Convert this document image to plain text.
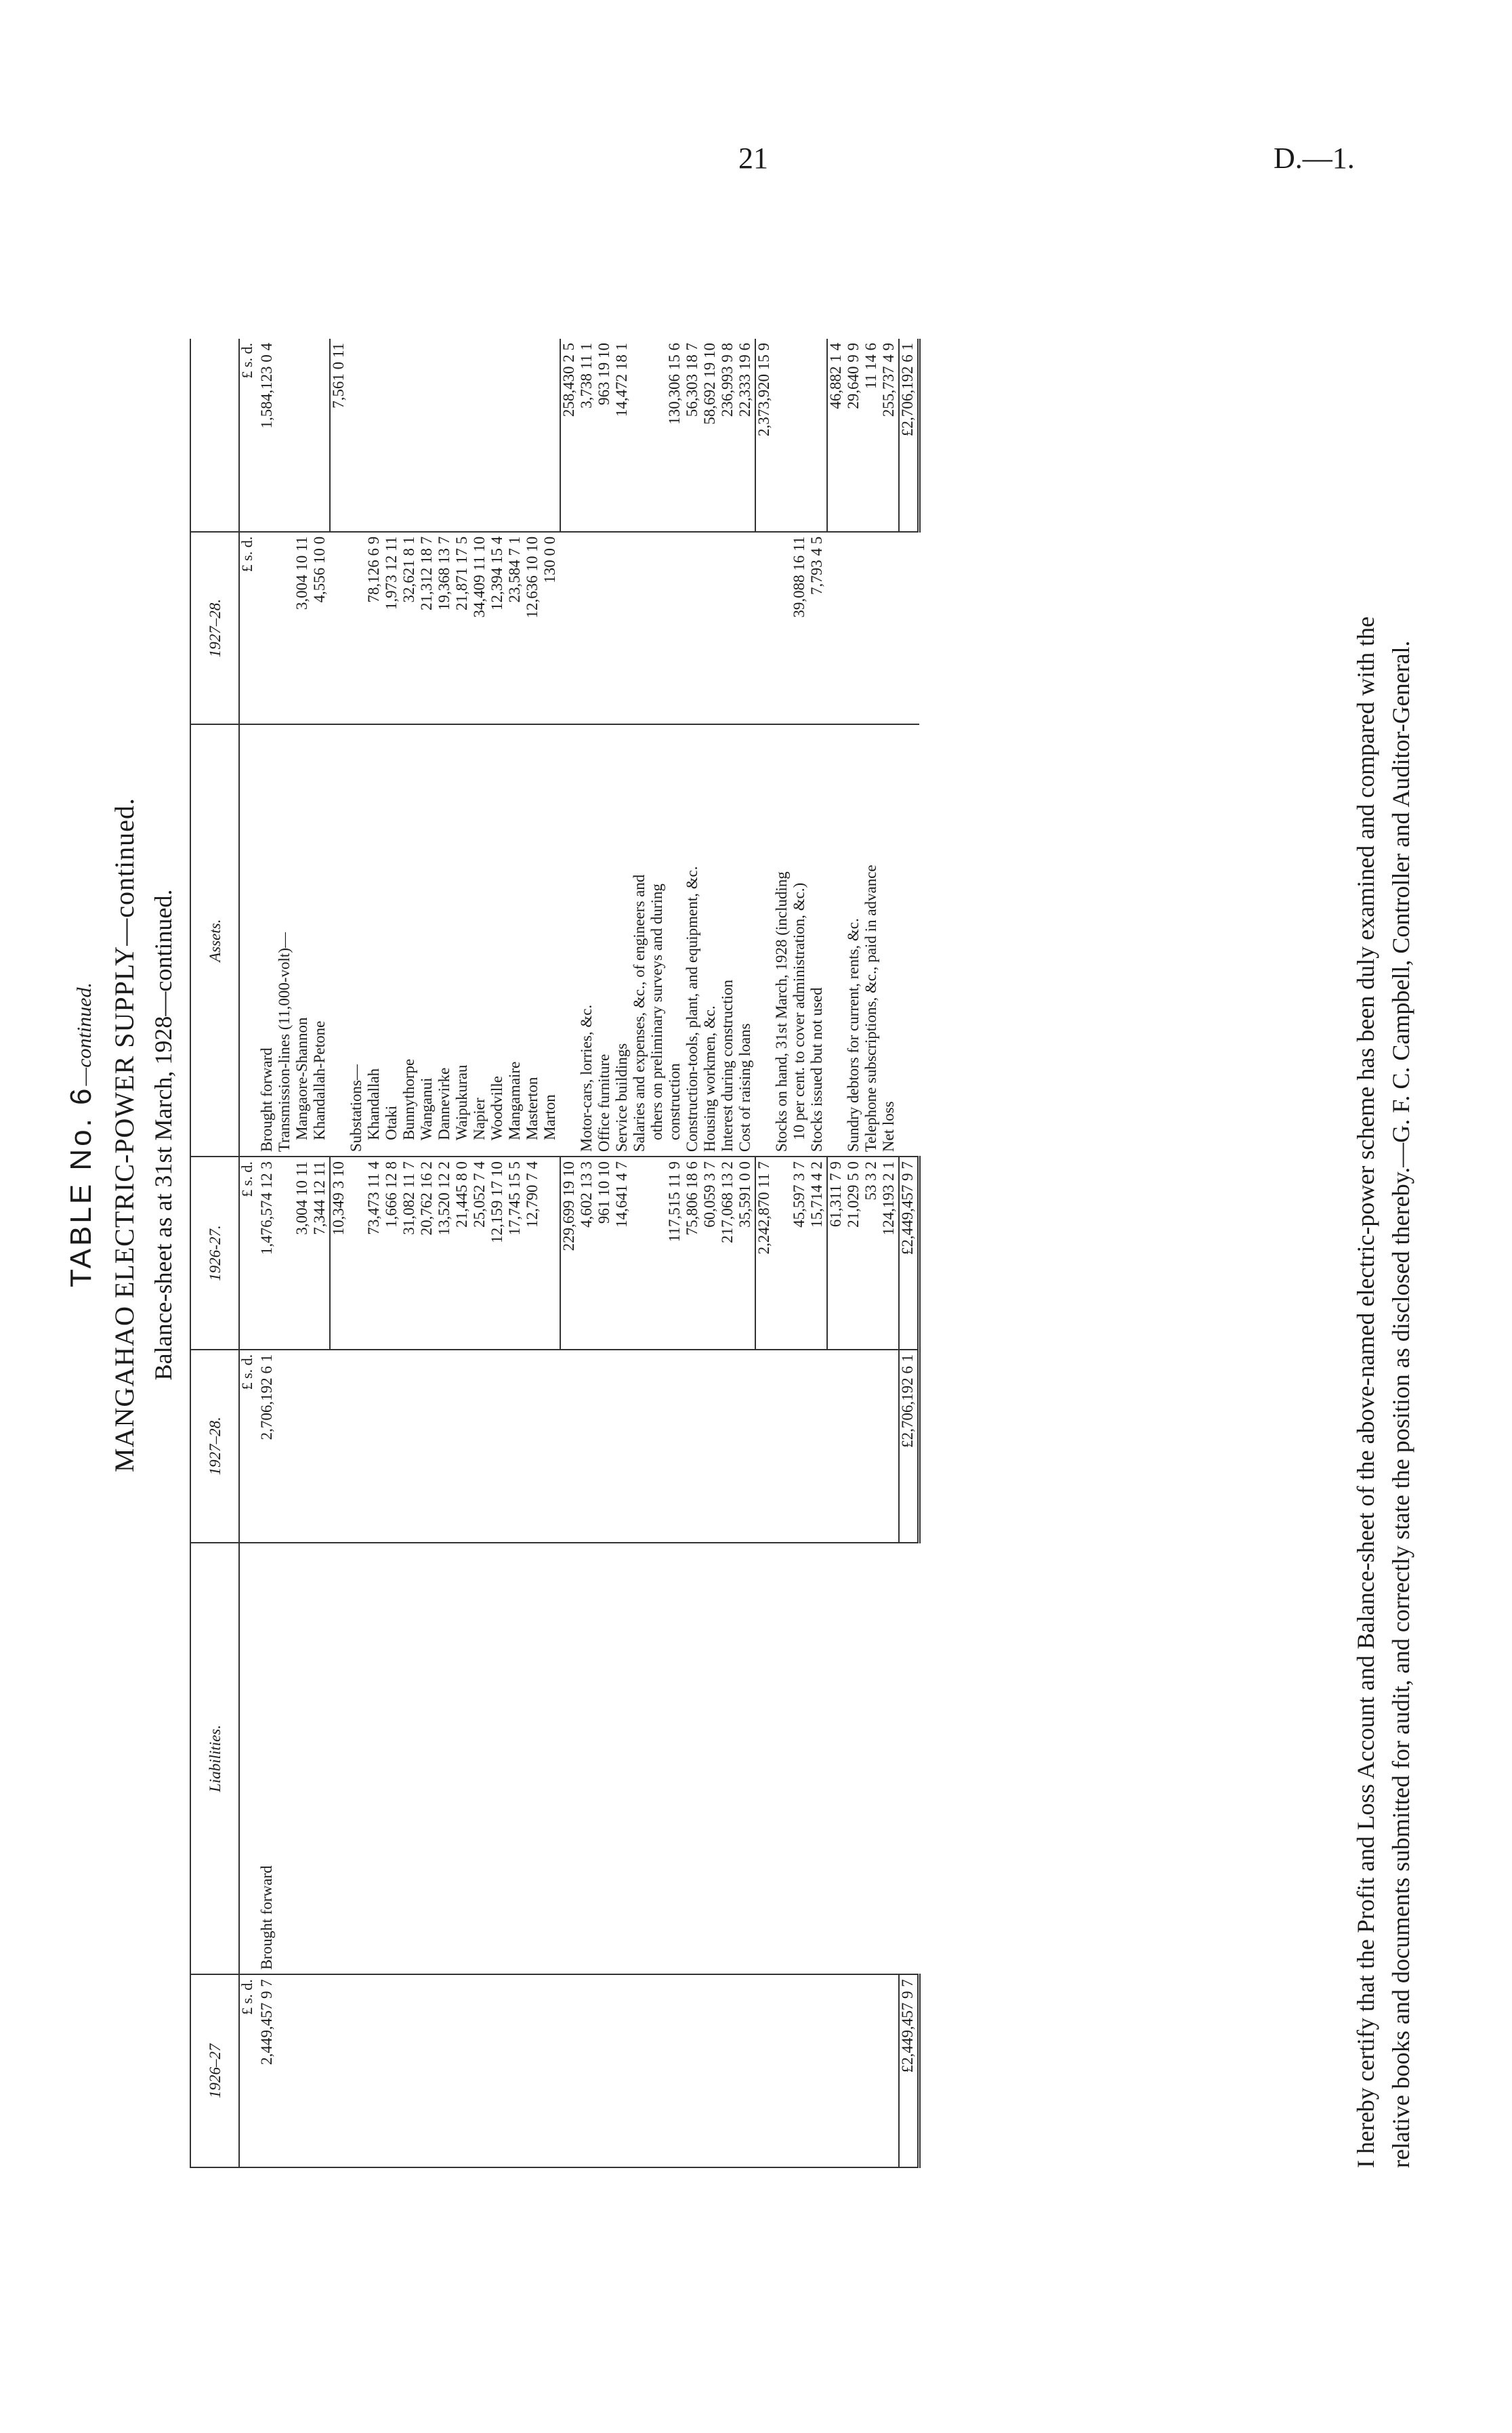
21	D.—1.
TABLE No. 6—continued. MANGAHAO ELECTRIC-POWER SUPPLY—continued. Balance-sheet as at 31st March, 1928—continued.
1926–27	Liabilities.	1927–28.	1926-27.	Assets.	1927–28.	
£ s. d.		£ s. d.	£ s. d.		£ s. d.	£ s. d.
2,449,457 9 7	Brought forward	2,706,192 6 1	1,476,574 12 3	Brought forward		1,584,123 0 4
				Transmission-lines (11,000-volt)—		
			3,004 10 11	Mangaore-Shannon	3,004 10 11	
			7,344 12 11	Khandallah-Petone	4,556 10 0	
			10,349 3 10			7,561 0 11
				Substations—		
			73,473 11 4	Khandallah	78,126 6 9	
			1,666 12 8	Otaki	1,973 12 11	
			31,082 11 7	Bunnythorpe	32,621 8 1	
			20,762 16 2	Wanganui	21,312 18 7	
			13,520 12 2	Dannevirke	19,368 13 7	
			21,445 8 0	Waipukurau	21,871 17 5	
			25,052 7 4	Napier	34,409 11 10	
			12,159 17 10	Woodville	12,394 15 4	
			17,745 15 5	Mangamaire	23,584 7 1	
			12,790 7 4	Masterton	12,636 10 10	
				Marton	130 0 0	
			229,699 19 10			258,430 2 5
			4,602 13 3	Motor-cars, lorries, &c.		3,738 11 1
			961 10 10	Office furniture		963 19 10
			14,641 4 7	Service buildings		14,472 18 1
				Salaries and expenses, &c., of engineers and		
				others on preliminary surveys and during		
			117,515 11 9	construction		130,306 15 6
			75,806 18 6	Construction-tools, plant, and equipment, &c.		56,303 18 7
			60,059 3 7	Housing workmen, &c.		58,692 19 10
			217,068 13 2	Interest during construction		236,993 9 8
			35,591 0 0	Cost of raising loans		22,333 19 6
			2,242,870 11 7			2,373,920 15 9
				Stocks on hand, 31st March, 1928 (including		
			45,597 3 7	10 per cent. to cover administration, &c.)	39,088 16 11	
			15,714 4 2	Stocks issued but not used	7,793 4 5	
			61,311 7 9			46,882 1 4
			21,029 5 0	Sundry debtors for current, rents, &c.		29,640 9 9
			53 3 2	Telephone subscriptions, &c., paid in advance		11 14 6
			124,193 2 1	Net loss		255,737 4 9
£2,449,457 9 7		£2,706,192 6 1	£2,449,457 9 7			£2,706,192 6 1
I hereby certify that the Profit and Loss Account and Balance-sheet of the above-named electric-power scheme has been duly examined and compared with the relative books and documents submitted for audit, and correctly state the position as disclosed thereby.—G. F. C. Campbell, Controller and Auditor-General.
